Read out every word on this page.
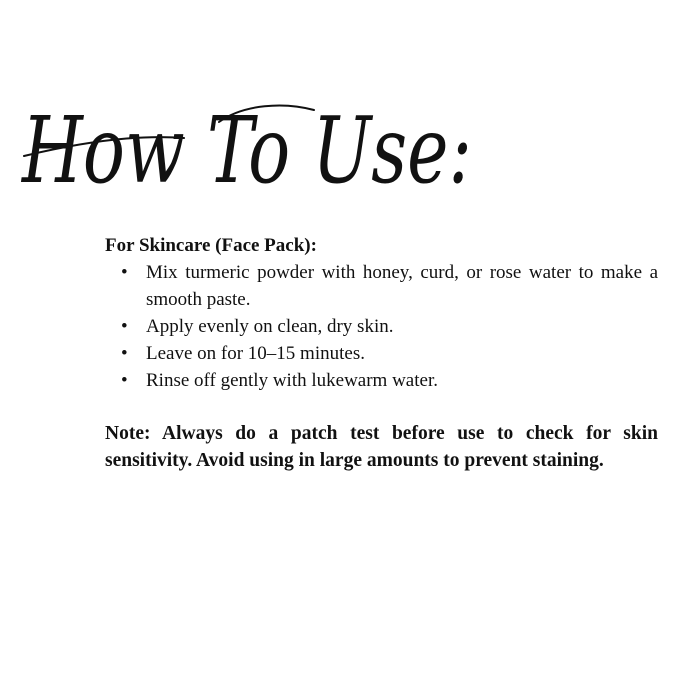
How To Use:

For Skincare (Face Pack):

• Mix turmeric powder with honey, curd, or rose water to make a smooth paste.
• Apply evenly on clean, dry skin.
• Leave on for 10–15 minutes.
• Rinse off gently with lukewarm water.

Note: Always do a patch test before use to check for skin sensitivity. Avoid using in large amounts to prevent staining.
